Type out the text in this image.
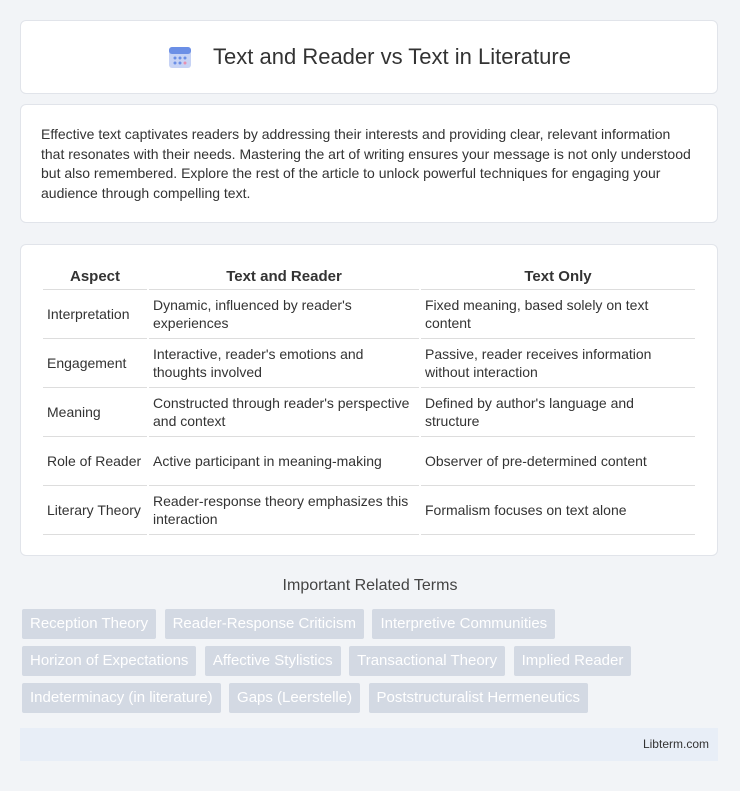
Text and Reader vs Text in Literature

Effective text captivates readers by addressing their interests and providing clear, relevant information that resonates with their needs. Mastering the art of writing ensures your message is not only understood but also remembered. Explore the rest of the article to unlock powerful techniques for engaging your audience through compelling text.

Aspect	Text and Reader	Text Only
Interpretation	Dynamic, influenced by reader's experiences	Fixed meaning, based solely on text content
Engagement	Interactive, reader's emotions and thoughts involved	Passive, reader receives information without interaction
Meaning	Constructed through reader's perspective and context	Defined by author's language and structure
Role of Reader	Active participant in meaning-making	Observer of pre-determined content
Literary Theory	Reader-response theory emphasizes this interaction	Formalism focuses on text alone
Important Related Terms
Reception Theory Reader-Response Criticism Interpretive Communities Horizon of Expectations Affective Stylistics Transactional Theory Implied Reader Indeterminacy (in literature) Gaps (Leerstelle) Poststructuralist Hermeneutics
Libterm.com
